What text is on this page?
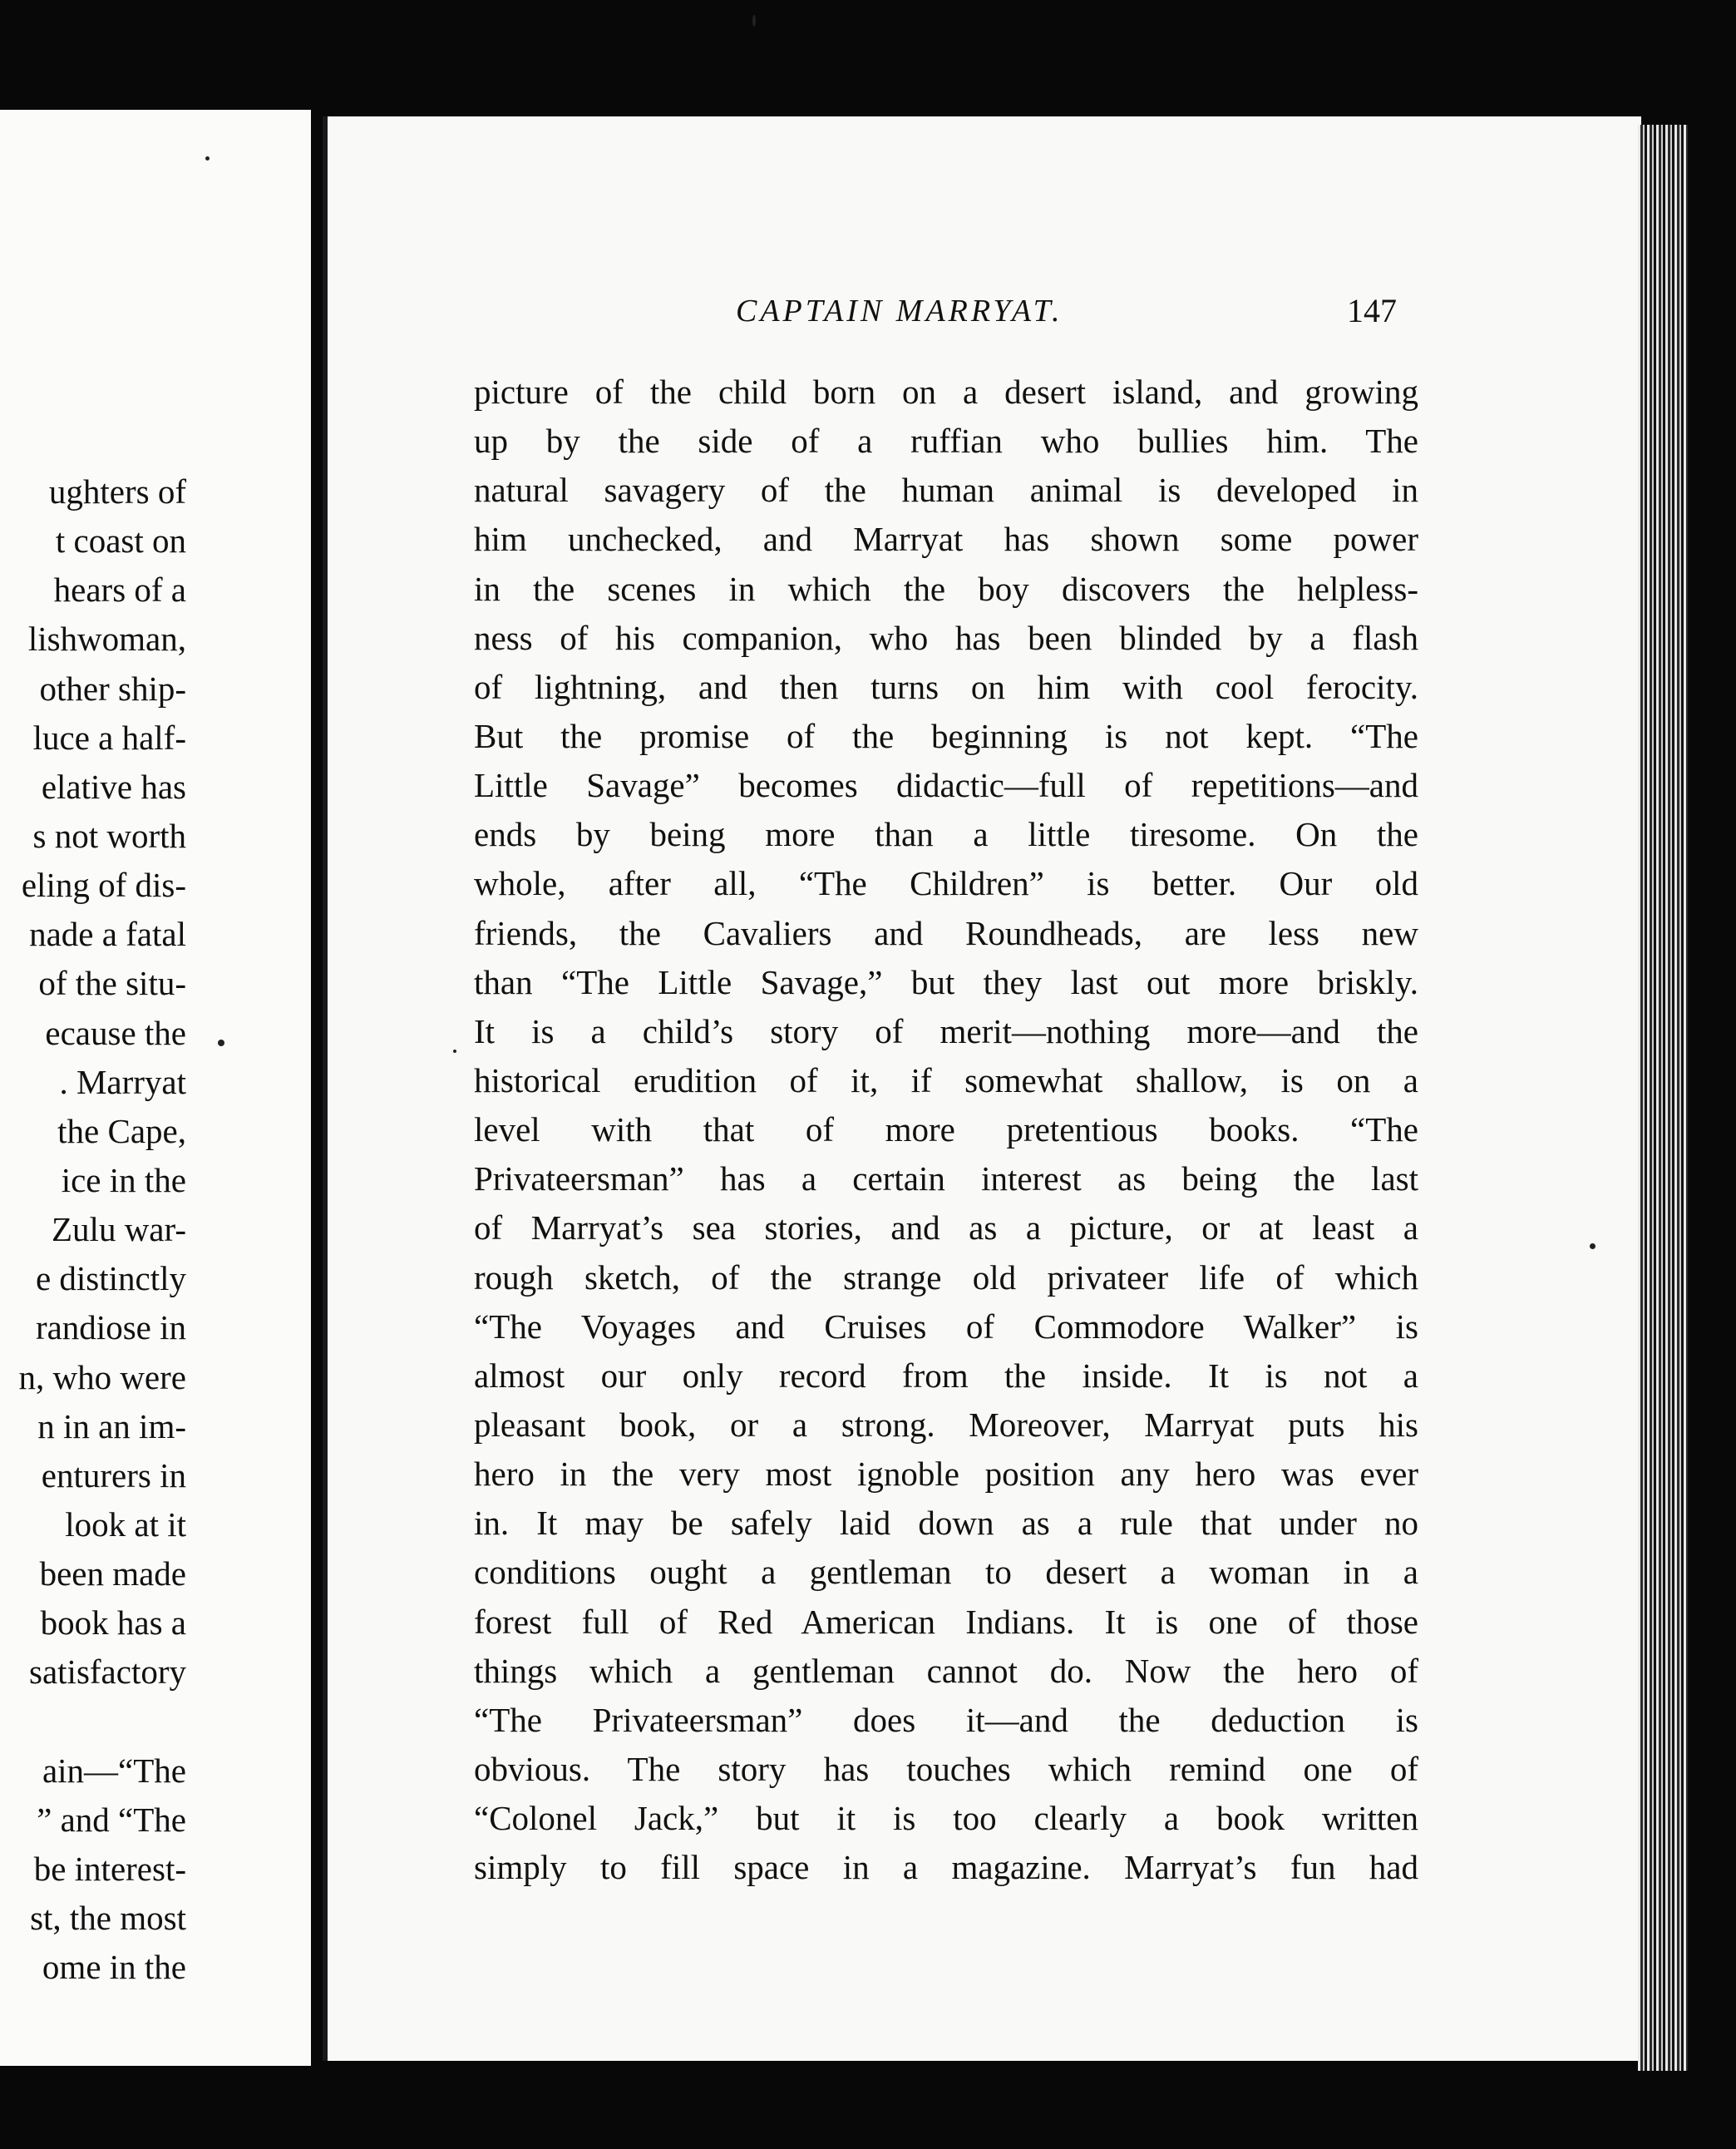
ughters of
t coast on
hears of a
lishwoman,
other ship-
luce a half-
elative has
s not worth
eling of dis-
nade a fatal
of the situ-
ecause the
. Marryat
the Cape,
ice in the
Zulu war-
e distinctly
randiose in
n, who were
n in an im-
enturers in
look at it
been made
book has a
satisfactory
ain—“The
” and “The
be interest-
st, the most
ome in the
CAPTAIN MARRYAT.	147
picture of the child born on a desert island, and growing
up by the side of a ruffian who bullies him. The
natural savagery of the human animal is developed in
him unchecked, and Marryat has shown some power
in the scenes in which the boy discovers the helpless-
ness of his companion, who has been blinded by a flash
of lightning, and then turns on him with cool ferocity.
But the promise of the beginning is not kept. “The
Little Savage” becomes didactic—full of repetitions—and
ends by being more than a little tiresome. On the
whole, after all, “The Children” is better. Our old
friends, the Cavaliers and Roundheads, are less new
than “The Little Savage,” but they last out more briskly.
It is a child’s story of merit—nothing more—and the
historical erudition of it, if somewhat shallow, is on a
level with that of more pretentious books. “The
Privateersman” has a certain interest as being the last
of Marryat’s sea stories, and as a picture, or at least a
rough sketch, of the strange old privateer life of which
“The Voyages and Cruises of Commodore Walker” is
almost our only record from the inside. It is not a
pleasant book, or a strong. Moreover, Marryat puts his
hero in the very most ignoble position any hero was ever
in. It may be safely laid down as a rule that under no
conditions ought a gentleman to desert a woman in a
forest full of Red American Indians. It is one of those
things which a gentleman cannot do. Now the hero of
“The Privateersman” does it—and the deduction is
obvious. The story has touches which remind one of
“Colonel Jack,” but it is too clearly a book written
simply to fill space in a magazine. Marryat’s fun had
